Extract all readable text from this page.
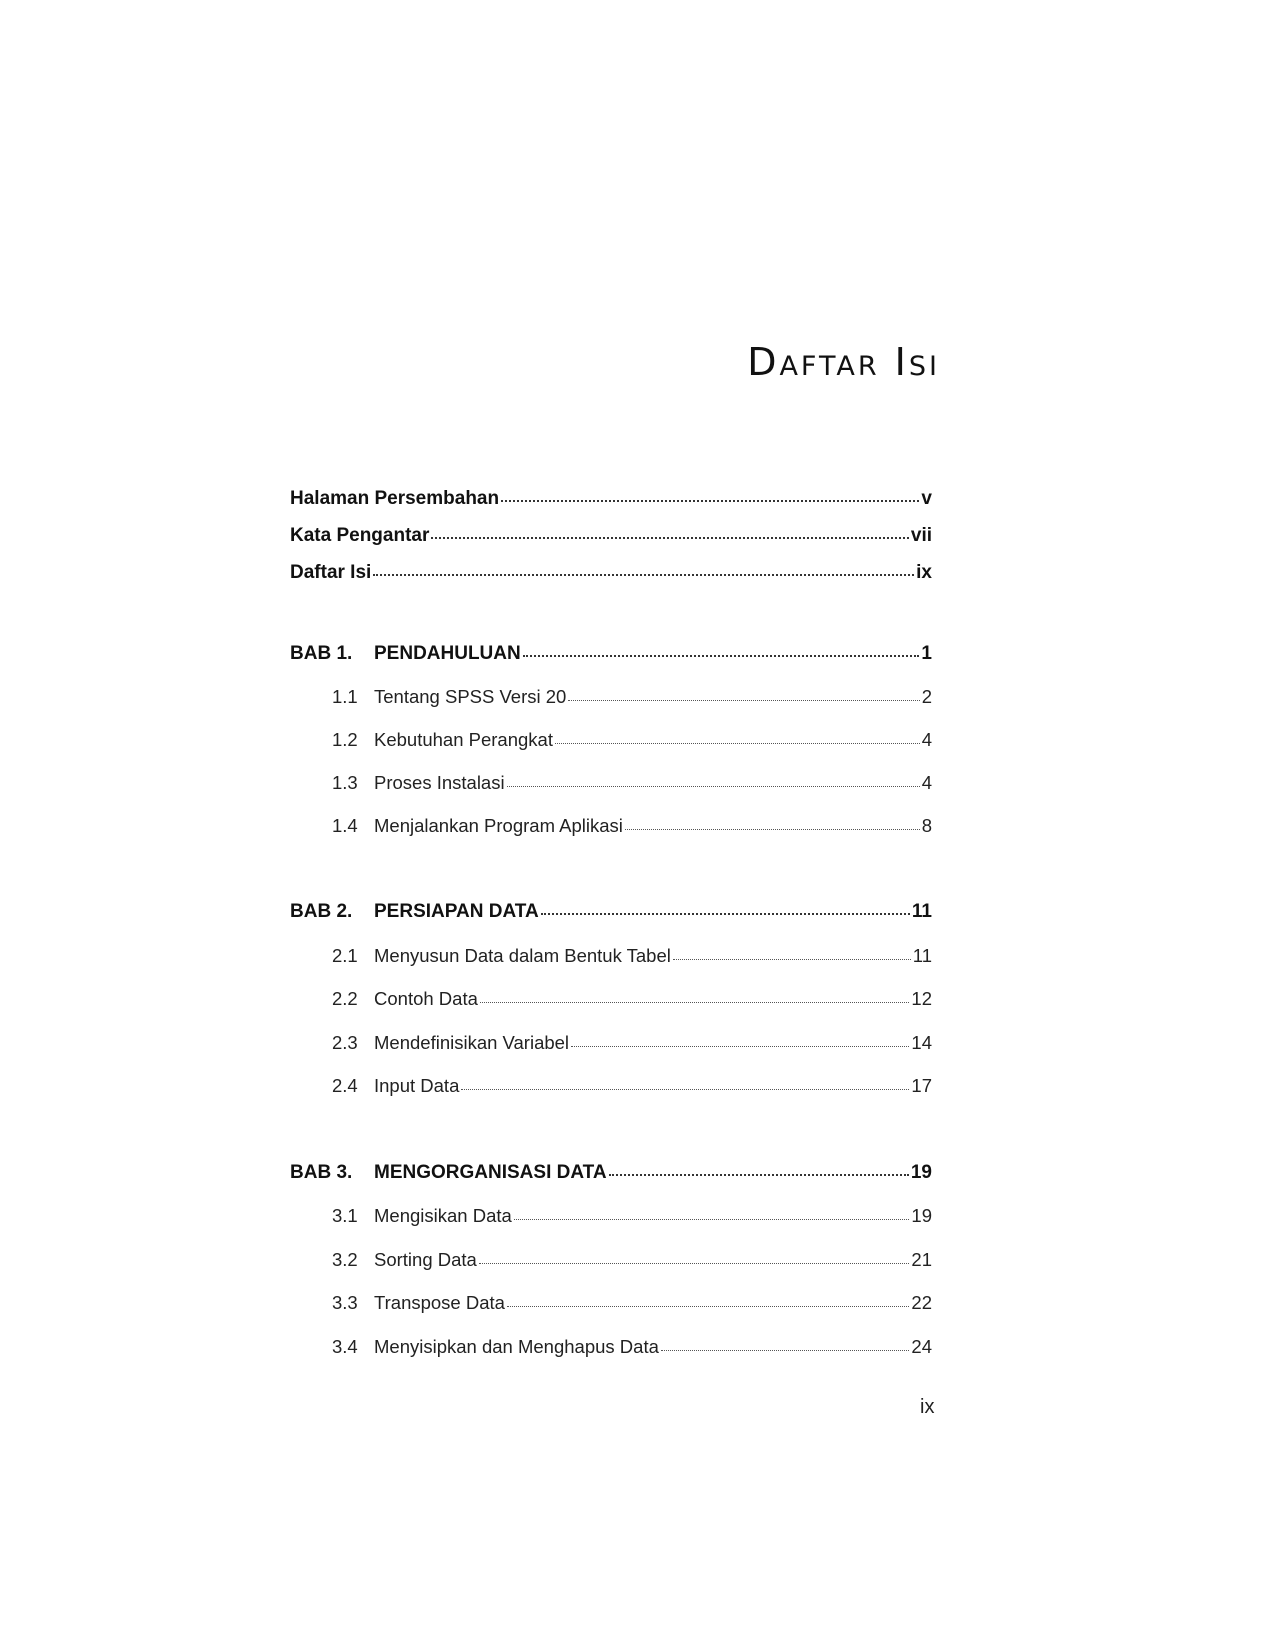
Daftar Isi
Halaman Persembahan	v
Kata Pengantar	vii
Daftar Isi	ix
BAB 1.	PENDAHULUAN	1
1.1 Tentang SPSS Versi 20	2
1.2 Kebutuhan Perangkat	4
1.3 Proses Instalasi	4
1.4 Menjalankan Program Aplikasi	8
BAB 2.	PERSIAPAN DATA	11
2.1 Menyusun Data dalam Bentuk Tabel	11
2.2 Contoh Data	12
2.3 Mendefinisikan Variabel	14
2.4 Input Data	17
BAB 3.	MENGORGANISASI DATA	19
3.1 Mengisikan Data	19
3.2 Sorting Data	21
3.3 Transpose Data	22
3.4 Menyisipkan dan Menghapus Data	24
ix
